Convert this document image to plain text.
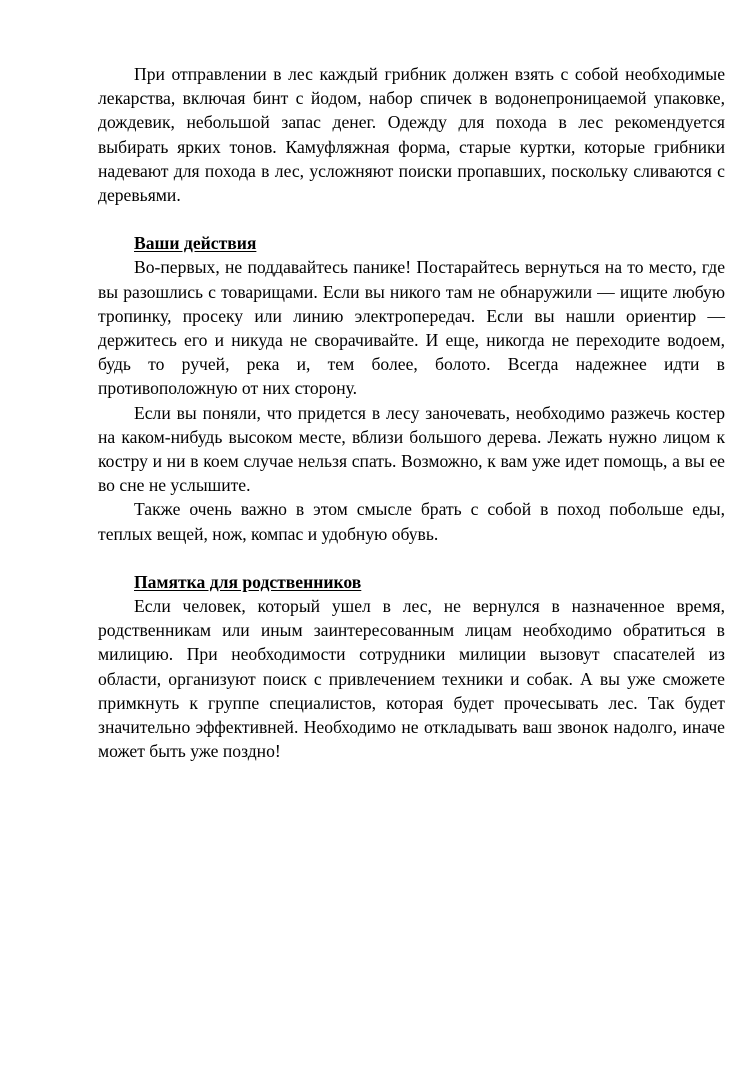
При отправлении в лес каждый грибник должен взять с собой необходимые лекарства, включая бинт с йодом, набор спичек в водонепроницаемой упаковке, дождевик, небольшой запас денег. Одежду для похода в лес рекомендуется выбирать ярких тонов. Камуфляжная форма, старые куртки, которые грибники надевают для похода в лес, усложняют поиски пропавших, поскольку сливаются с деревьями.

Ваши действия

Во-первых, не поддавайтесь панике! Постарайтесь вернуться на то место, где вы разошлись с товарищами. Если вы никого там не обнаружили — ищите любую тропинку, просеку или линию электропередач. Если вы нашли ориентир — держитесь его и никуда не сворачивайте. И еще, никогда не переходите водоем, будь то ручей, река и, тем более, болото. Всегда надежнее идти в противоположную от них сторону.

Если вы поняли, что придется в лесу заночевать, необходимо разжечь костер на каком-нибудь высоком месте, вблизи большого дерева. Лежать нужно лицом к костру и ни в коем случае нельзя спать. Возможно, к вам уже идет помощь, а вы ее во сне не услышите.

Также очень важно в этом смысле брать с собой в поход побольше еды, теплых вещей, нож, компас и удобную обувь.

Памятка для родственников

Если человек, который ушел в лес, не вернулся в назначенное время, родственникам или иным заинтересованным лицам необходимо обратиться в милицию. При необходимости сотрудники милиции вызовут спасателей из области, организуют поиск с привлечением техники и собак. А вы уже сможете примкнуть к группе специалистов, которая будет прочесывать лес. Так будет значительно эффективней. Необходимо не откладывать ваш звонок надолго, иначе может быть уже поздно!
